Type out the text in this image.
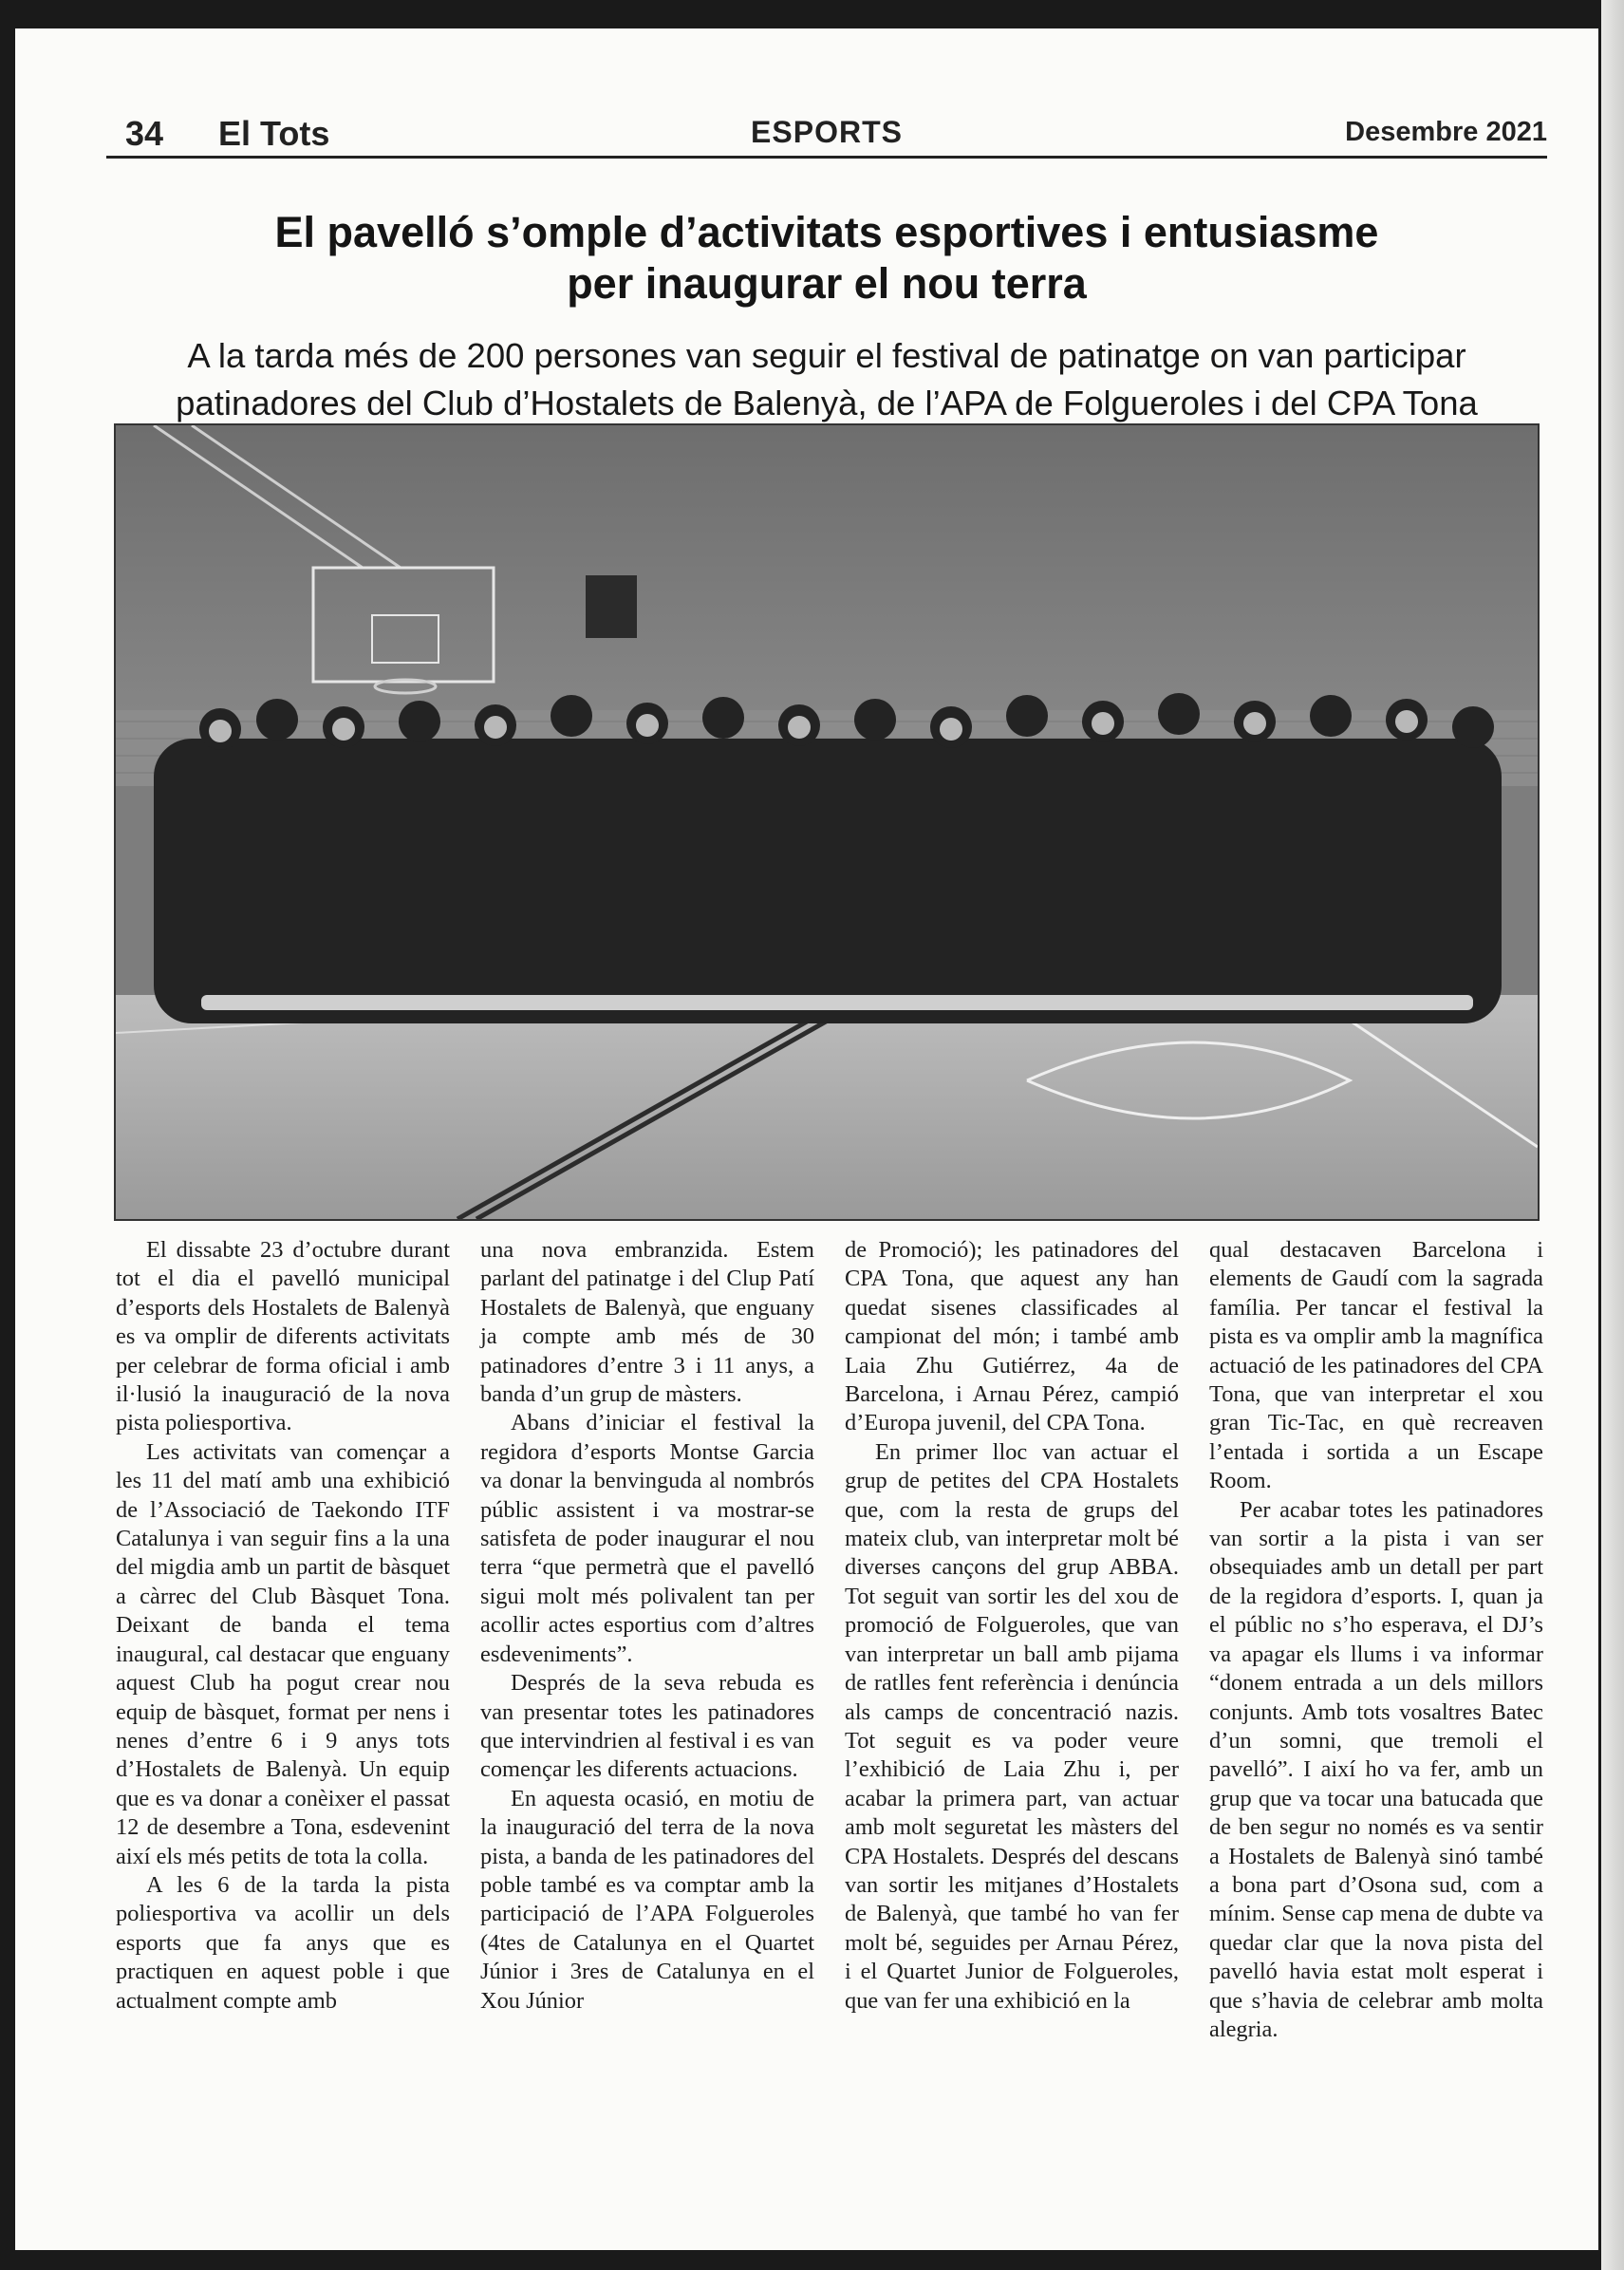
34 El Tots	ESPORTS	Desembre 2021
El pavelló s’omple d’activitats esportives i entusiasme
per inaugurar el nou terra
A la tarda més de 200 persones van seguir el festival de patinatge on van participar
patinadores del Club d’Hostalets de Balenyà, de l’APA de Folgueroles i del CPA Tona

El dissabte 23 d’octubre durant tot el dia el pavelló municipal d’esports dels Hostalets de Balenyà es va omplir de diferents activitats per celebrar de forma oficial i amb il·lusió la inauguració de la nova pista poliesportiva.

Les activitats van començar a les 11 del matí amb una exhibició de l’Associació de Taekondo ITF Catalunya i van seguir fins a la una del migdia amb un partit de bàsquet a càrrec del Club Bàsquet Tona. Deixant de banda el tema inaugural, cal destacar que enguany aquest Club ha pogut crear nou equip de bàsquet, format per nens i nenes d’entre 6 i 9 anys tots d’Hostalets de Balenyà. Un equip que es va donar a conèixer el passat 12 de desembre a Tona, esdevenint així els més petits de tota la colla.

A les 6 de la tarda la pista poliesportiva va acollir un dels esports que fa anys que es practiquen en aquest poble i que actualment compte amb

una nova embranzida. Estem parlant del patinatge i del Clup Patí Hostalets de Balenyà, que enguany ja compte amb més de 30 patinadores d’entre 3 i 11 anys, a banda d’un grup de màsters.

Abans d’iniciar el festival la regidora d’esports Montse Garcia va donar la benvinguda al nombrós públic assistent i va mostrar-se satisfeta de poder inaugurar el nou terra “que permetrà que el pavelló sigui molt més polivalent tan per acollir actes esportius com d’altres esdeveniments”.

Després de la seva rebuda es van presentar totes les patinadores que intervindrien al festival i es van començar les diferents actuacions.

En aquesta ocasió, en motiu de la inauguració del terra de la nova pista, a banda de les patinadores del poble també es va comptar amb la participació de l’APA Folgueroles (4tes de Catalunya en el Quartet Júnior i 3res de Catalunya en el Xou Júnior

de Promoció); les patinadores del CPA Tona, que aquest any han quedat sisenes classificades al campionat del món; i també amb Laia Zhu Gutiérrez, 4a de Barcelona, i Arnau Pérez, campió d’Europa juvenil, del CPA Tona.

En primer lloc van actuar el grup de petites del CPA Hostalets que, com la resta de grups del mateix club, van interpretar molt bé diverses cançons del grup ABBA. Tot seguit van sortir les del xou de promoció de Folgueroles, que van van interpretar un ball amb pijama de ratlles fent referència i denúncia als camps de concentració nazis. Tot seguit es va poder veure l’exhibició de Laia Zhu i, per acabar la primera part, van actuar amb molt seguretat les màsters del CPA Hostalets. Després del descans van sortir les mitjanes d’Hostalets de Balenyà, que també ho van fer molt bé, seguides per Arnau Pérez, i el Quartet Junior de Folgueroles, que van fer una exhibició en la

qual destacaven Barcelona i elements de Gaudí com la sagrada família. Per tancar el festival la pista es va omplir amb la magnífica actuació de les patinadores del CPA Tona, que van interpretar el xou gran Tic-Tac, en què recreaven l’entada i sortida a un Escape Room.

Per acabar totes les patinadores van sortir a la pista i van ser obsequiades amb un detall per part de la regidora d’esports. I, quan ja el públic no s’ho esperava, el DJ’s va apagar els llums i va informar “donem entrada a un dels millors conjunts. Amb tots vosaltres Batec d’un somni, que tremoli el pavelló”. I així ho va fer, amb un grup que va tocar una batucada que de ben segur no només es va sentir a Hostalets de Balenyà sinó també a bona part d’Osona sud, com a mínim. Sense cap mena de dubte va quedar clar que la nova pista del pavelló havia estat molt esperat i que s’havia de celebrar amb molta alegria.
